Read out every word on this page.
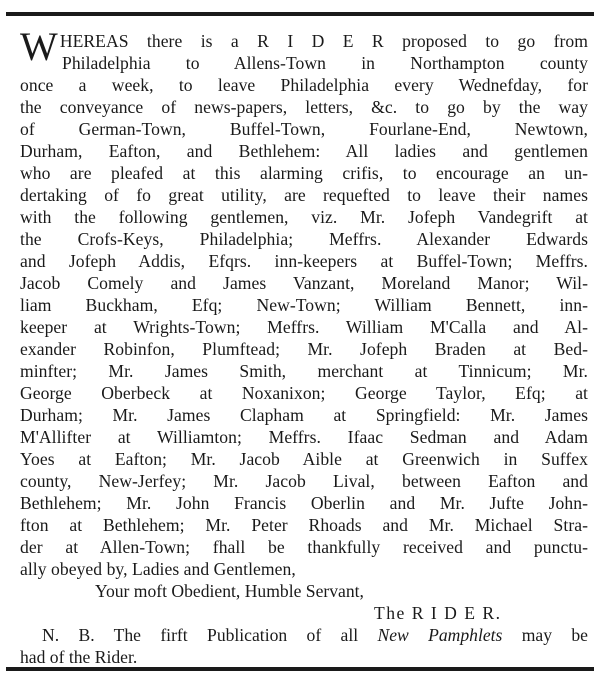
WHEREAS there is a R I D E R proposed to go from
Philadelphia to Allens-Town in Northampton county
once a week, to leave Philadelphia every Wednefday, for
the conveyance of news-papers, letters, &c. to go by the way
of German-Town, Buffel-Town, Fourlane-End, Newtown,
Durham, Eafton, and Bethlehem: All ladies and gentlemen
who are pleafed at this alarming crifis, to encourage an un-
dertaking of fo great utility, are requefted to leave their names
with the following gentlemen, viz. Mr. Jofeph Vandegrift at
the Crofs-Keys, Philadelphia; Meffrs. Alexander Edwards
and Jofeph Addis, Efqrs. inn-keepers at Buffel-Town; Meffrs.
Jacob Comely and James Vanzant, Moreland Manor; Wil-
liam Buckham, Efq; New-Town; William Bennett, inn-
keeper at Wrights-Town; Meffrs. William M'Calla and Al-
exander Robinfon, Plumftead; Mr. Jofeph Braden at Bed-
minfter; Mr. James Smith, merchant at Tinnicum; Mr.
George Oberbeck at Noxanixon; George Taylor, Efq; at
Durham; Mr. James Clapham at Springfield: Mr. James
M'Allifter at Williamton; Meffrs. Ifaac Sedman and Adam
Yoes at Eafton; Mr. Jacob Aible at Greenwich in Suffex
county, New-Jerfey; Mr. Jacob Lival, between Eafton and
Bethlehem; Mr. John Francis Oberlin and Mr. Jufte John-
fton at Bethlehem; Mr. Peter Rhoads and Mr. Michael Stra-
der at Allen-Town; fhall be thankfully received and punctu-
ally obeyed by, Ladies and Gentlemen,
Your moft Obedient, Humble Servant,
The R I D E R.
N. B. The firft Publication of all New Pamphlets may be
had of the Rider.
